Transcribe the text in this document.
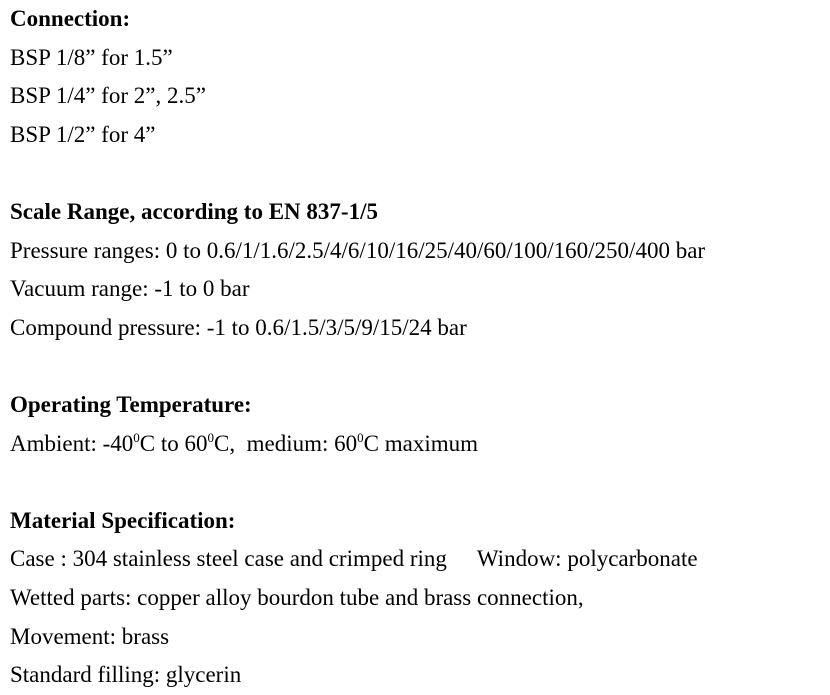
Connection:
BSP 1/8” for 1.5”
BSP 1/4” for 2”, 2.5”
BSP 1/2” for 4”
Scale Range, according to EN 837-1/5
Pressure ranges: 0 to 0.6/1/1.6/2.5/4/6/10/16/25/40/60/100/160/250/400 bar
Vacuum range: -1 to 0 bar
Compound pressure: -1 to 0.6/1.5/3/5/9/15/24 bar
Operating Temperature:
Ambient: $-40^0C$ to $60^0C$,  medium: $60^0C$ maximum
Material Specification:
Case : 304 stainless steel case and crimped ring Window: polycarbonate
Wetted parts: copper alloy bourdon tube and brass connection,
Movement: brass
Standard filling: glycerin
